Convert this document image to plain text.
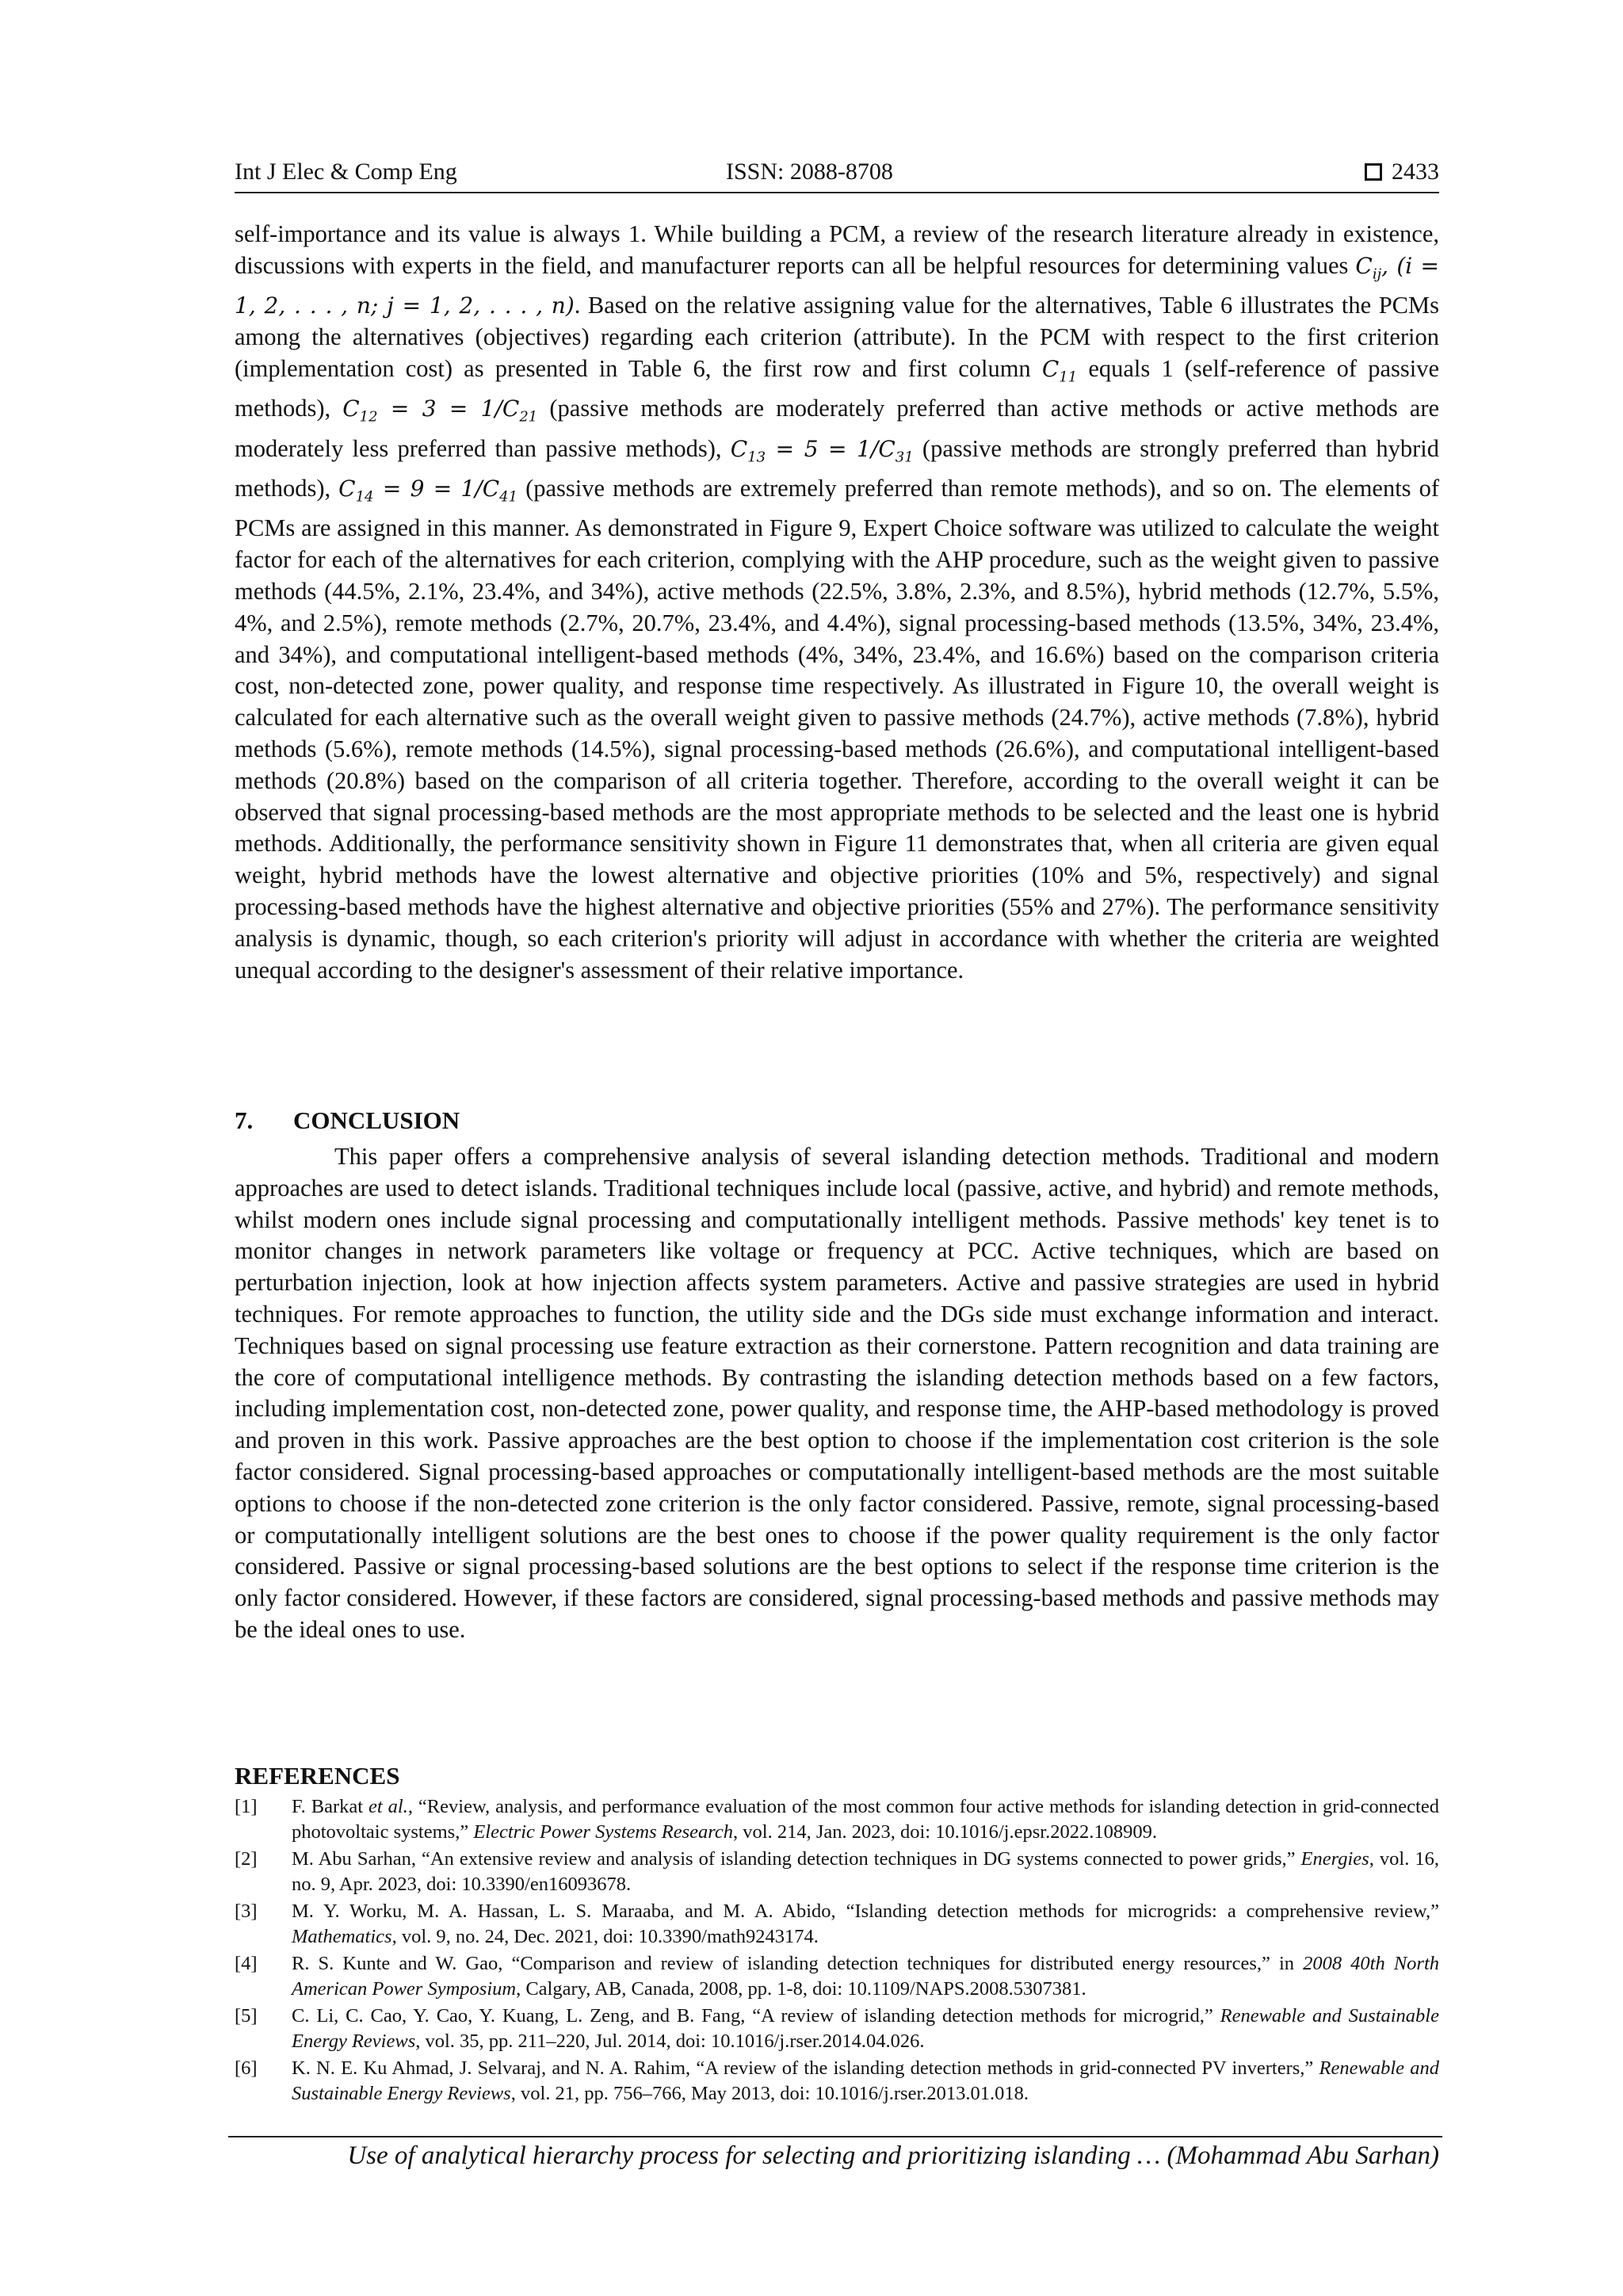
Int J Elec & Comp Eng	ISSN: 2088-8708	2433

self-importance and its value is always 1. While building a PCM, a review of the research literature already in existence, discussions with experts in the field, and manufacturer reports can all be helpful resources for determining values $C_{ij}$, (i = 1, 2, . . . , n; j = 1, 2, . . . , n). Based on the relative assigning value for the alternatives, Table 6 illustrates the PCMs among the alternatives (objectives) regarding each criterion (attribute). In the PCM with respect to the first criterion (implementation cost) as presented in Table 6, the first row and first column $C_{11}$ equals 1 (self-reference of passive methods), $C_{12} = 3 = 1/C_{21}$ (passive methods are moderately preferred than active methods or active methods are moderately less preferred than passive methods), $C_{13} = 5 = 1/C_{31}$ (passive methods are strongly preferred than hybrid methods), $C_{14} = 9 = 1/C_{41}$ (passive methods are extremely preferred than remote methods), and so on. The elements of PCMs are assigned in this manner. As demonstrated in Figure 9, Expert Choice software was utilized to calculate the weight factor for each of the alternatives for each criterion, complying with the AHP procedure, such as the weight given to passive methods (44.5%, 2.1%, 23.4%, and 34%), active methods (22.5%, 3.8%, 2.3%, and 8.5%), hybrid methods (12.7%, 5.5%, 4%, and 2.5%), remote methods (2.7%, 20.7%, 23.4%, and 4.4%), signal processing-based methods (13.5%, 34%, 23.4%, and 34%), and computational intelligent-based methods (4%, 34%, 23.4%, and 16.6%) based on the comparison criteria cost, non-detected zone, power quality, and response time respectively. As illustrated in Figure 10, the overall weight is calculated for each alternative such as the overall weight given to passive methods (24.7%), active methods (7.8%), hybrid methods (5.6%), remote methods (14.5%), signal processing-based methods (26.6%), and computational intelligent-based methods (20.8%) based on the comparison of all criteria together. Therefore, according to the overall weight it can be observed that signal processing-based methods are the most appropriate methods to be selected and the least one is hybrid methods. Additionally, the performance sensitivity shown in Figure 11 demonstrates that, when all criteria are given equal weight, hybrid methods have the lowest alternative and objective priorities (10% and 5%, respectively) and signal processing-based methods have the highest alternative and objective priorities (55% and 27%). The performance sensitivity analysis is dynamic, though, so each criterion's priority will adjust in accordance with whether the criteria are weighted unequal according to the designer's assessment of their relative importance.

7. CONCLUSION

This paper offers a comprehensive analysis of several islanding detection methods. Traditional and modern approaches are used to detect islands. Traditional techniques include local (passive, active, and hybrid) and remote methods, whilst modern ones include signal processing and computationally intelligent methods. Passive methods' key tenet is to monitor changes in network parameters like voltage or frequency at PCC. Active techniques, which are based on perturbation injection, look at how injection affects system parameters. Active and passive strategies are used in hybrid techniques. For remote approaches to function, the utility side and the DGs side must exchange information and interact. Techniques based on signal processing use feature extraction as their cornerstone. Pattern recognition and data training are the core of computational intelligence methods. By contrasting the islanding detection methods based on a few factors, including implementation cost, non-detected zone, power quality, and response time, the AHP-based methodology is proved and proven in this work. Passive approaches are the best option to choose if the implementation cost criterion is the sole factor considered. Signal processing-based approaches or computationally intelligent-based methods are the most suitable options to choose if the non-detected zone criterion is the only factor considered. Passive, remote, signal processing-based or computationally intelligent solutions are the best ones to choose if the power quality requirement is the only factor considered. Passive or signal processing-based solutions are the best options to select if the response time criterion is the only factor considered. However, if these factors are considered, signal processing-based methods and passive methods may be the ideal ones to use.

REFERENCES
[1]	F. Barkat et al., “Review, analysis, and performance evaluation of the most common four active methods for islanding detection in grid-connected photovoltaic systems,” Electric Power Systems Research, vol. 214, Jan. 2023, doi: 10.1016/j.epsr.2022.108909.
[2]	M. Abu Sarhan, “An extensive review and analysis of islanding detection techniques in DG systems connected to power grids,” Energies, vol. 16, no. 9, Apr. 2023, doi: 10.3390/en16093678.
[3]	M. Y. Worku, M. A. Hassan, L. S. Maraaba, and M. A. Abido, “Islanding detection methods for microgrids: a comprehensive review,” Mathematics, vol. 9, no. 24, Dec. 2021, doi: 10.3390/math9243174.
[4]	R. S. Kunte and W. Gao, “Comparison and review of islanding detection techniques for distributed energy resources,” in 2008 40th North American Power Symposium, Calgary, AB, Canada, 2008, pp. 1-8, doi: 10.1109/NAPS.2008.5307381.
[5]	C. Li, C. Cao, Y. Cao, Y. Kuang, L. Zeng, and B. Fang, “A review of islanding detection methods for microgrid,” Renewable and Sustainable Energy Reviews, vol. 35, pp. 211–220, Jul. 2014, doi: 10.1016/j.rser.2014.04.026.
[6]	K. N. E. Ku Ahmad, J. Selvaraj, and N. A. Rahim, “A review of the islanding detection methods in grid-connected PV inverters,” Renewable and Sustainable Energy Reviews, vol. 21, pp. 756–766, May 2013, doi: 10.1016/j.rser.2013.01.018.
Use of analytical hierarchy process for selecting and prioritizing islanding … (Mohammad Abu Sarhan)
